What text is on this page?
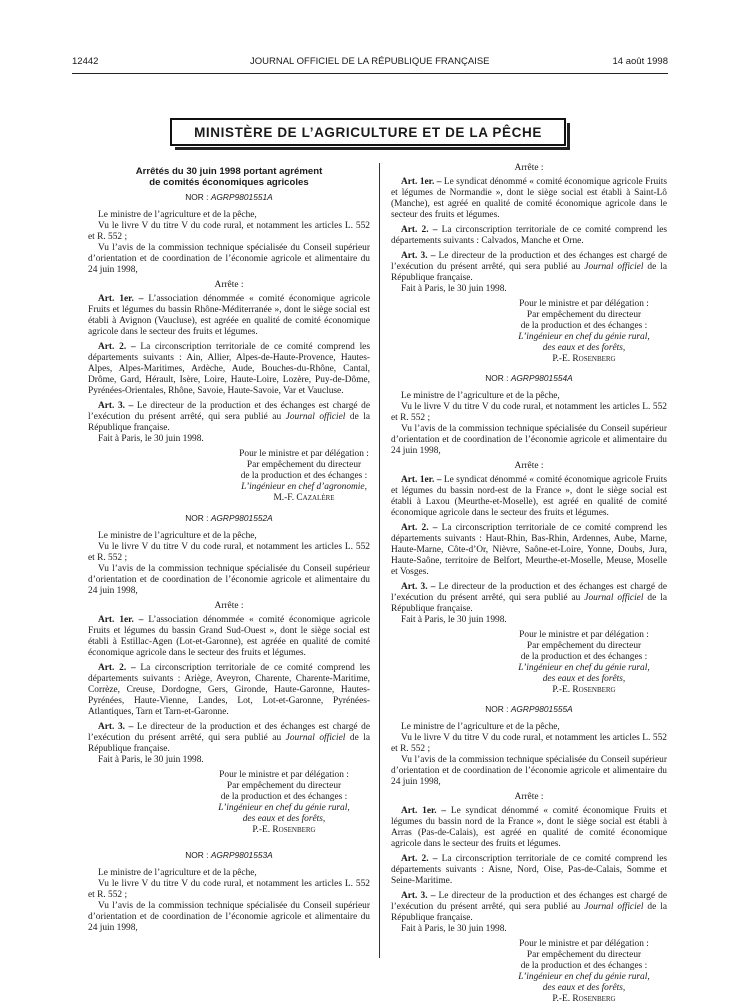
12442	JOURNAL OFFICIEL DE LA RÉPUBLIQUE FRANÇAISE	14 août 1998
MINISTÈRE DE L’AGRICULTURE ET DE LA PÊCHE

Arrêtés du 30 juin 1998 portant agrément
de comités économiques agricoles

NOR : AGRP9801551A

Le ministre de l’agriculture et de la pêche,

Vu le livre V du titre V du code rural, et notamment les articles L. 552 et R. 552 ;

Vu l’avis de la commission technique spécialisée du Conseil supérieur d’orientation et de coordination de l’économie agricole et alimentaire du 24 juin 1998,

Arrête :

Art. 1er. – L’association dénommée « comité économique agricole Fruits et légumes du bassin Rhône-Méditerranée », dont le siège social est établi à Avignon (Vaucluse), est agréée en qualité de comité économique agricole dans le secteur des fruits et légumes.

Art. 2. – La circonscription territoriale de ce comité comprend les départements suivants : Ain, Allier, Alpes-de-Haute-Provence, Hautes-Alpes, Alpes-Maritimes, Ardèche, Aude, Bouches-du-Rhône, Cantal, Drôme, Gard, Hérault, Isère, Loire, Haute-Loire, Lozère, Puy-de-Dôme, Pyrénées-Orientales, Rhône, Savoie, Haute-Savoie, Var et Vaucluse.

Art. 3. – Le directeur de la production et des échanges est chargé de l’exécution du présent arrêté, qui sera publié au Journal officiel de la République française.

Fait à Paris, le 30 juin 1998.

Pour le ministre et par délégation :

Par empêchement du directeur

de la production et des échanges :

L’ingénieur en chef d’agronomie,

M.-F. Cazalère

NOR : AGRP9801552A

Le ministre de l’agriculture et de la pêche,

Vu le livre V du titre V du code rural, et notamment les articles L. 552 et R. 552 ;

Vu l’avis de la commission technique spécialisée du Conseil supérieur d’orientation et de coordination de l’économie agricole et alimentaire du 24 juin 1998,

Arrête :

Art. 1er. – L’association dénommée « comité économique agricole Fruits et légumes du bassin Grand Sud-Ouest », dont le siège social est établi à Estillac-Agen (Lot-et-Garonne), est agréée en qualité de comité économique agricole dans le secteur des fruits et légumes.

Art. 2. – La circonscription territoriale de ce comité comprend les départements suivants : Ariège, Aveyron, Charente, Charente-Maritime, Corrèze, Creuse, Dordogne, Gers, Gironde, Haute-Garonne, Hautes-Pyrénées, Haute-Vienne, Landes, Lot, Lot-et-Garonne, Pyrénées-Atlantiques, Tarn et Tarn-et-Garonne.

Art. 3. – Le directeur de la production et des échanges est chargé de l’exécution du présent arrêté, qui sera publié au Journal officiel de la République française.

Fait à Paris, le 30 juin 1998.

Pour le ministre et par délégation :

Par empêchement du directeur

de la production et des échanges :

L’ingénieur en chef du génie rural,

des eaux et des forêts,

P.-E. Rosenberg

NOR : AGRP9801553A

Le ministre de l’agriculture et de la pêche,

Vu le livre V du titre V du code rural, et notamment les articles L. 552 et R. 552 ;

Vu l’avis de la commission technique spécialisée du Conseil supérieur d’orientation et de coordination de l’économie agricole et alimentaire du 24 juin 1998,

Arrête :

Art. 1er. – Le syndicat dénommé « comité économique agricole Fruits et légumes de Normandie », dont le siège social est établi à Saint-Lô (Manche), est agréé en qualité de comité économique agricole dans le secteur des fruits et légumes.

Art. 2. – La circonscription territoriale de ce comité comprend les départements suivants : Calvados, Manche et Orne.

Art. 3. – Le directeur de la production et des échanges est chargé de l’exécution du présent arrêté, qui sera publié au Journal officiel de la République française.

Fait à Paris, le 30 juin 1998.

Pour le ministre et par délégation :

Par empêchement du directeur

de la production et des échanges :

L’ingénieur en chef du génie rural,

des eaux et des forêts,

P.-E. Rosenberg

NOR : AGRP9801554A

Le ministre de l’agriculture et de la pêche,

Vu le livre V du titre V du code rural, et notamment les articles L. 552 et R. 552 ;

Vu l’avis de la commission technique spécialisée du Conseil supérieur d’orientation et de coordination de l’économie agricole et alimentaire du 24 juin 1998,

Arrête :

Art. 1er. – Le syndicat dénommé « comité économique agricole Fruits et légumes du bassin nord-est de la France », dont le siège social est établi à Laxou (Meurthe-et-Moselle), est agréé en qualité de comité économique agricole dans le secteur des fruits et légumes.

Art. 2. – La circonscription territoriale de ce comité comprend les départements suivants : Haut-Rhin, Bas-Rhin, Ardennes, Aube, Marne, Haute-Marne, Côte-d’Or, Nièvre, Saône-et-Loire, Yonne, Doubs, Jura, Haute-Saône, territoire de Belfort, Meurthe-et-Moselle, Meuse, Moselle et Vosges.

Art. 3. – Le directeur de la production et des échanges est chargé de l’exécution du présent arrêté, qui sera publié au Journal officiel de la République française.

Fait à Paris, le 30 juin 1998.

Pour le ministre et par délégation :

Par empêchement du directeur

de la production et des échanges :

L’ingénieur en chef du génie rural,

des eaux et des forêts,

P.-E. Rosenberg

NOR : AGRP9801555A

Le ministre de l’agriculture et de la pêche,

Vu le livre V du titre V du code rural, et notamment les articles L. 552 et R. 552 ;

Vu l’avis de la commission technique spécialisée du Conseil supérieur d’orientation et de coordination de l’économie agricole et alimentaire du 24 juin 1998,

Arrête :

Art. 1er. – Le syndicat dénommé « comité économique Fruits et légumes du bassin nord de la France », dont le siège social est établi à Arras (Pas-de-Calais), est agréé en qualité de comité économique agricole dans le secteur des fruits et légumes.

Art. 2. – La circonscription territoriale de ce comité comprend les départements suivants : Aisne, Nord, Oise, Pas-de-Calais, Somme et Seine-Maritime.

Art. 3. – Le directeur de la production et des échanges est chargé de l’exécution du présent arrêté, qui sera publié au Journal officiel de la République française.

Fait à Paris, le 30 juin 1998.

Pour le ministre et par délégation :

Par empêchement du directeur

de la production et des échanges :

L’ingénieur en chef du génie rural,

des eaux et des forêts,

P.-E. Rosenberg
